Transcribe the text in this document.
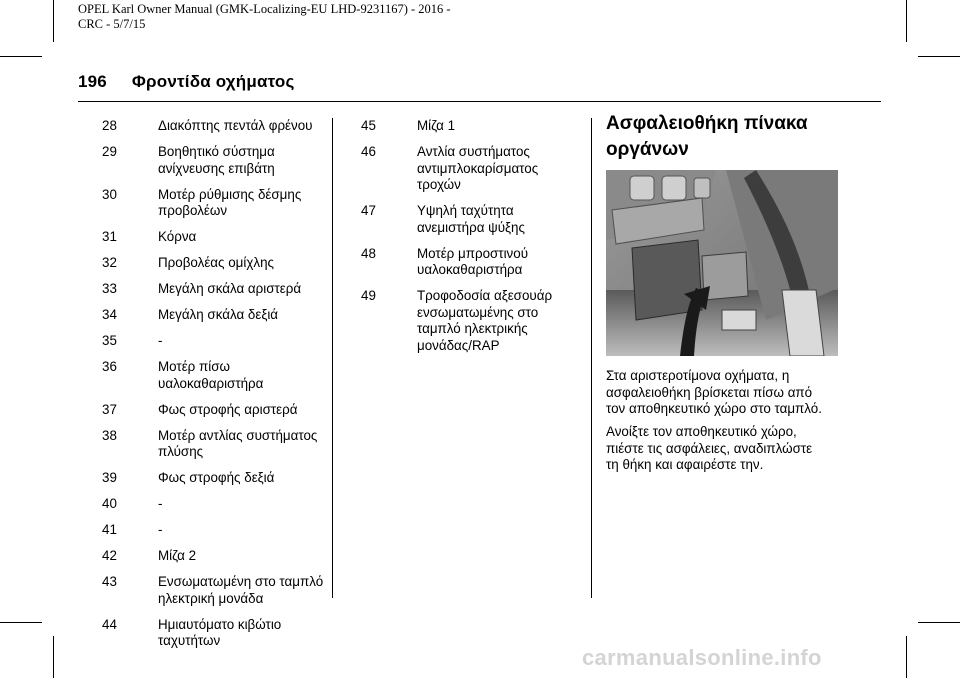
OPEL Karl Owner Manual (GMK-Localizing-EU LHD-9231167) - 2016 -
CRC - 5/7/15
196 Φροντίδα οχήματος
28	Διακόπτης πεντάλ φρένου
29	Βοηθητικό σύστημα
ανίχνευσης επιβάτη
30	Μοτέρ ρύθμισης δέσμης
προβολέων
31	Κόρνα
32	Προβολέας ομίχλης
33	Μεγάλη σκάλα αριστερά
34	Μεγάλη σκάλα δεξιά
35	-
36	Μοτέρ πίσω
υαλοκαθαριστήρα
37	Φως στροφής αριστερά
38	Μοτέρ αντλίας συστήματος
πλύσης
39	Φως στροφής δεξιά
40	-
41	-
42	Μίζα 2
43	Ενσωματωμένη στο ταμπλό
ηλεκτρική μονάδα
44	Ημιαυτόματο κιβώτιο
ταχυτήτων
45	Μίζα 1
46	Αντλία συστήματος
αντιμπλοκαρίσματος
τροχών
47	Υψηλή ταχύτητα
ανεμιστήρα ψύξης
48	Μοτέρ μπροστινού
υαλοκαθαριστήρα
49	Τροφοδοσία αξεσουάρ
ενσωματωμένης στο
ταμπλό ηλεκτρικής
μονάδας/RAP
Ασφαλειοθήκη πίνακα
οργάνων

Στα αριστεροτίμονα οχήματα, η
ασφαλειοθήκη βρίσκεται πίσω από
τον αποθηκευτικό χώρο στο ταμπλό.

Ανοίξτε τον αποθηκευτικό χώρο,
πιέστε τις ασφάλειες, αναδιπλώστε
τη θήκη και αφαιρέστε την.

carmanualsonline.info
